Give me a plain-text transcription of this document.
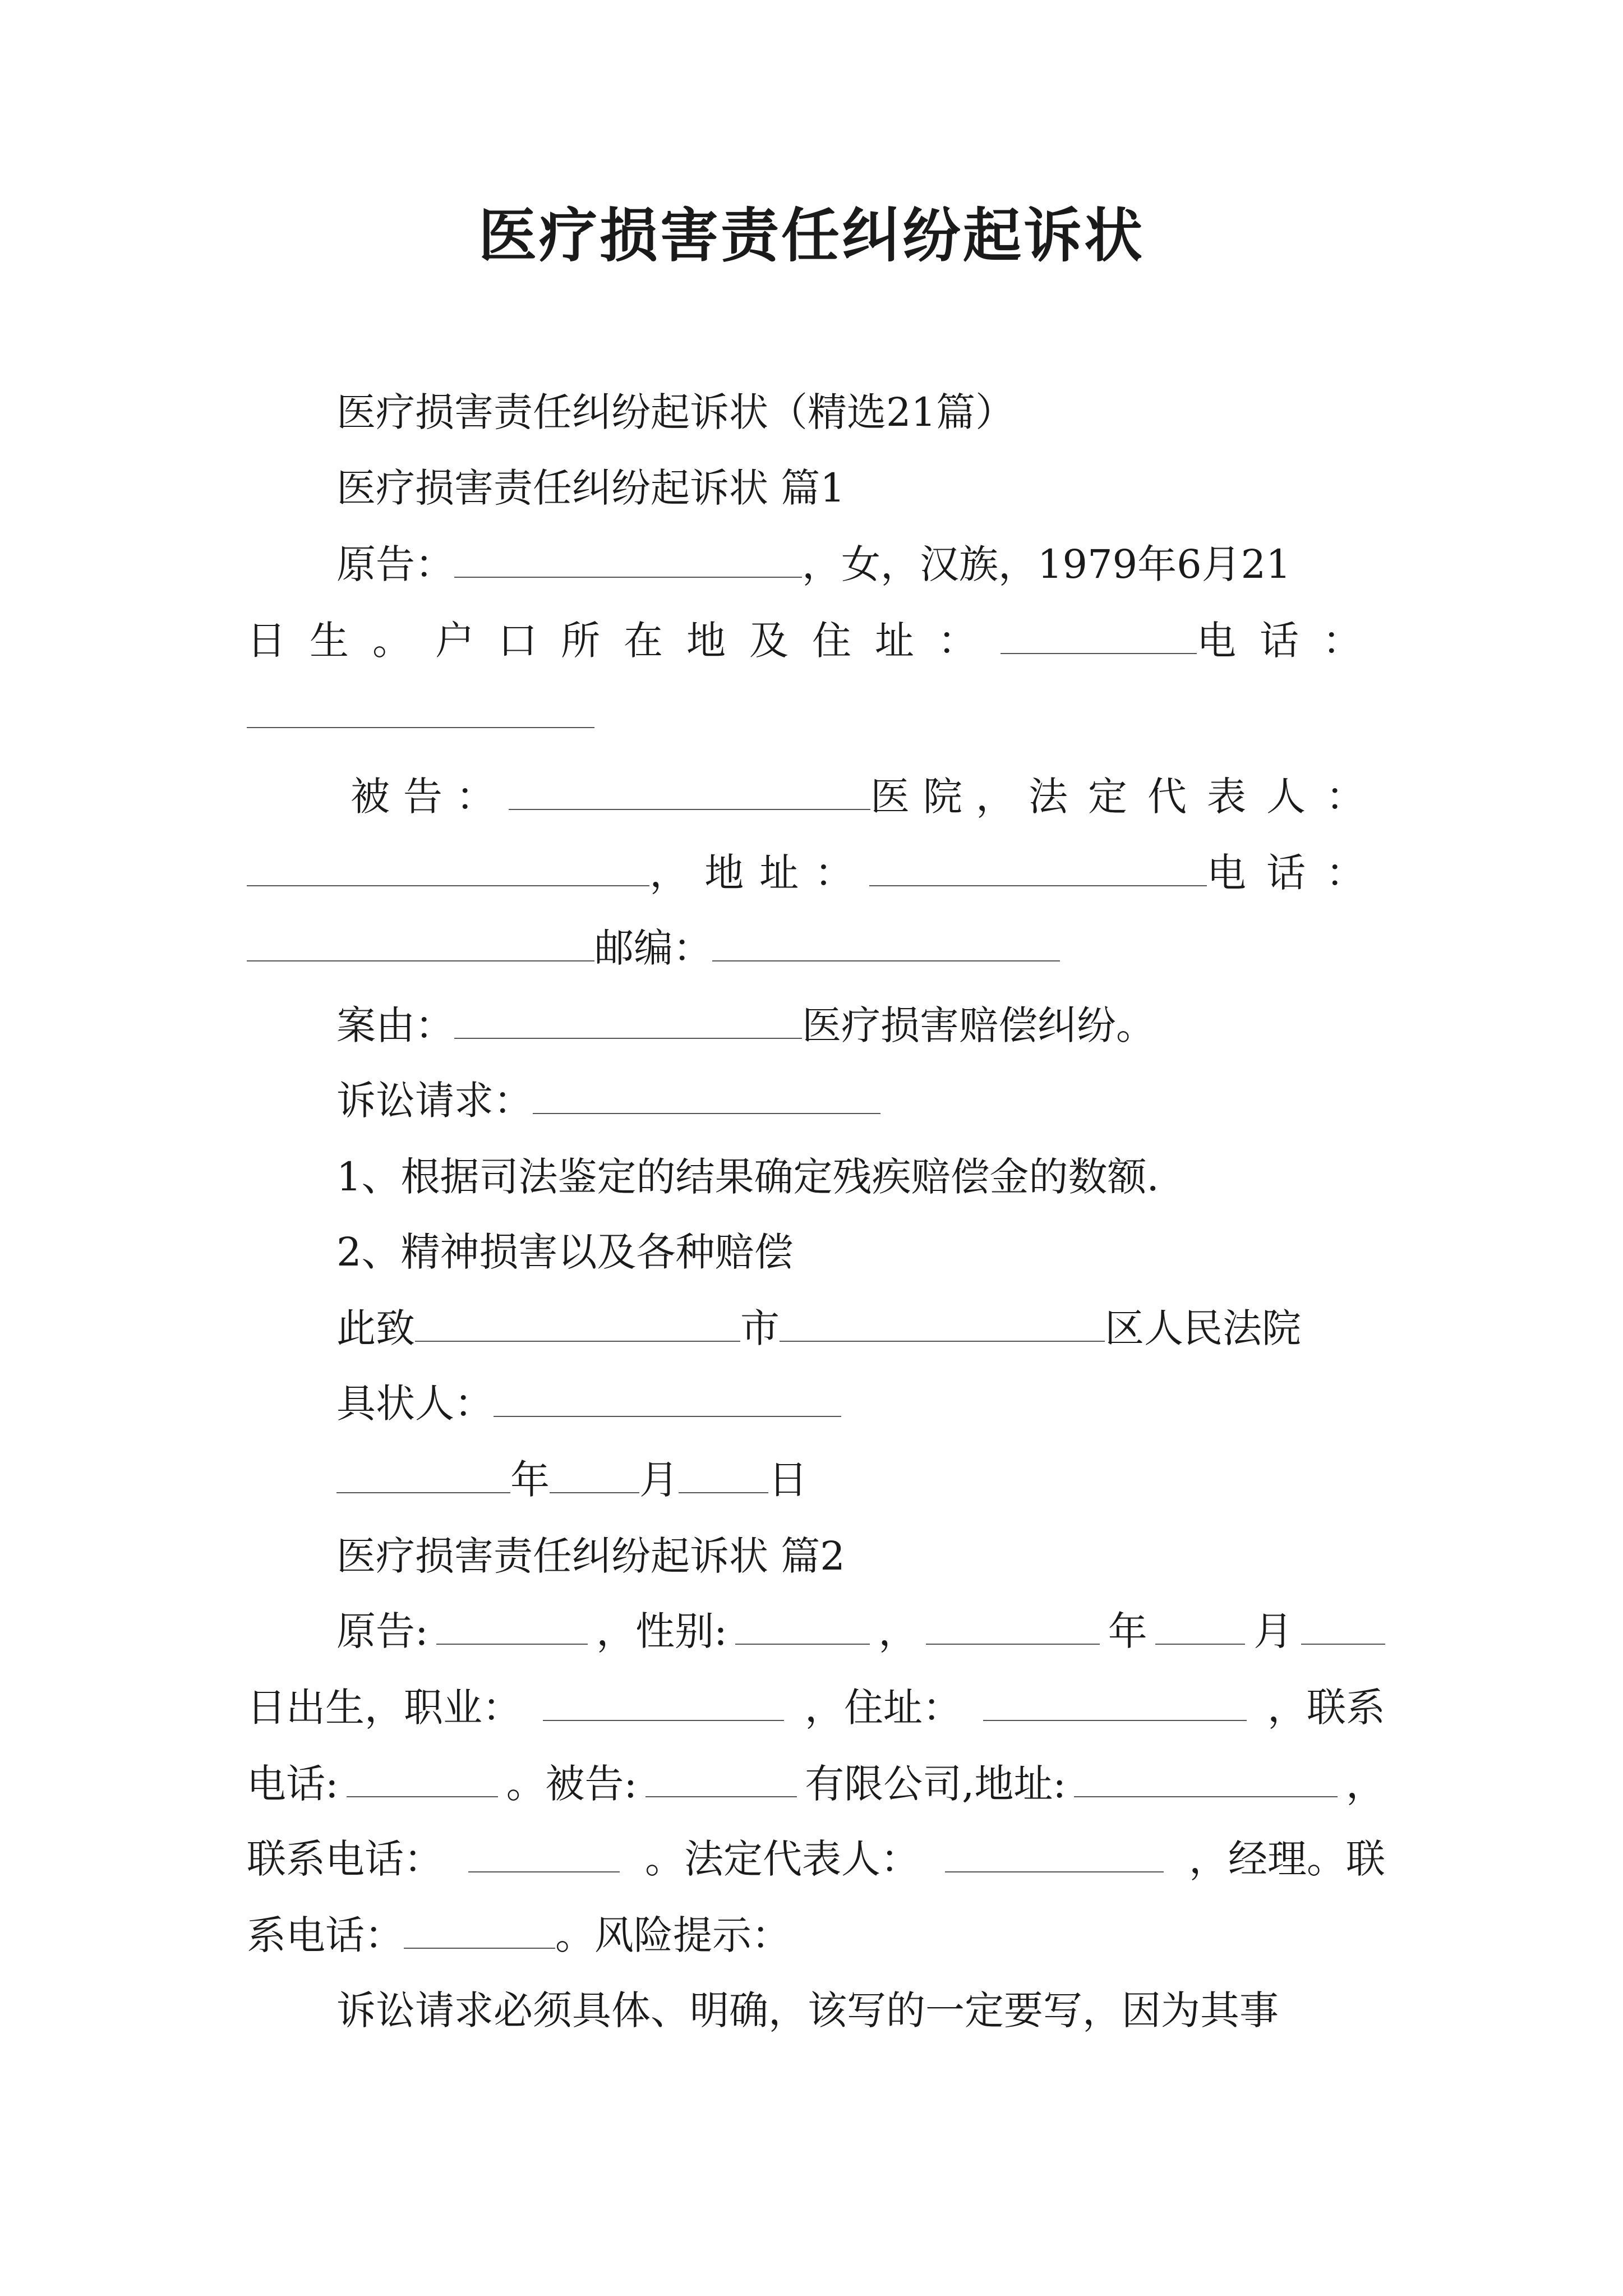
医疗损害责任纠纷起诉状
医疗损害责任纠纷起诉状（精选21篇）
医疗损害责任纠纷起诉状 篇1
原告：	，女，汉族，1979年6月21
日生。 户口所在地及住址：	电话：
被告：	医院， 法定代表人：
，地址：	电话：
邮编：
案由：	医疗损害赔偿纠纷。
诉讼请求：
1、根据司法鉴定的结果确定残疾赔偿金的数额.
2、精神损害以及各种赔偿
此致	市	区人民法院
具状人：
年 月 日
医疗损害责任纠纷起诉状 篇2
原告:	，性别:	，	年	月
日出生，职业：	，住址：	，联系
电话:	。被告:	有限公司,地址:	，
联系电话：	。法定代表人：	，经理。联
系电话：	。风险提示：
诉讼请求必须具体、明确，该写的一定要写，因为其事
